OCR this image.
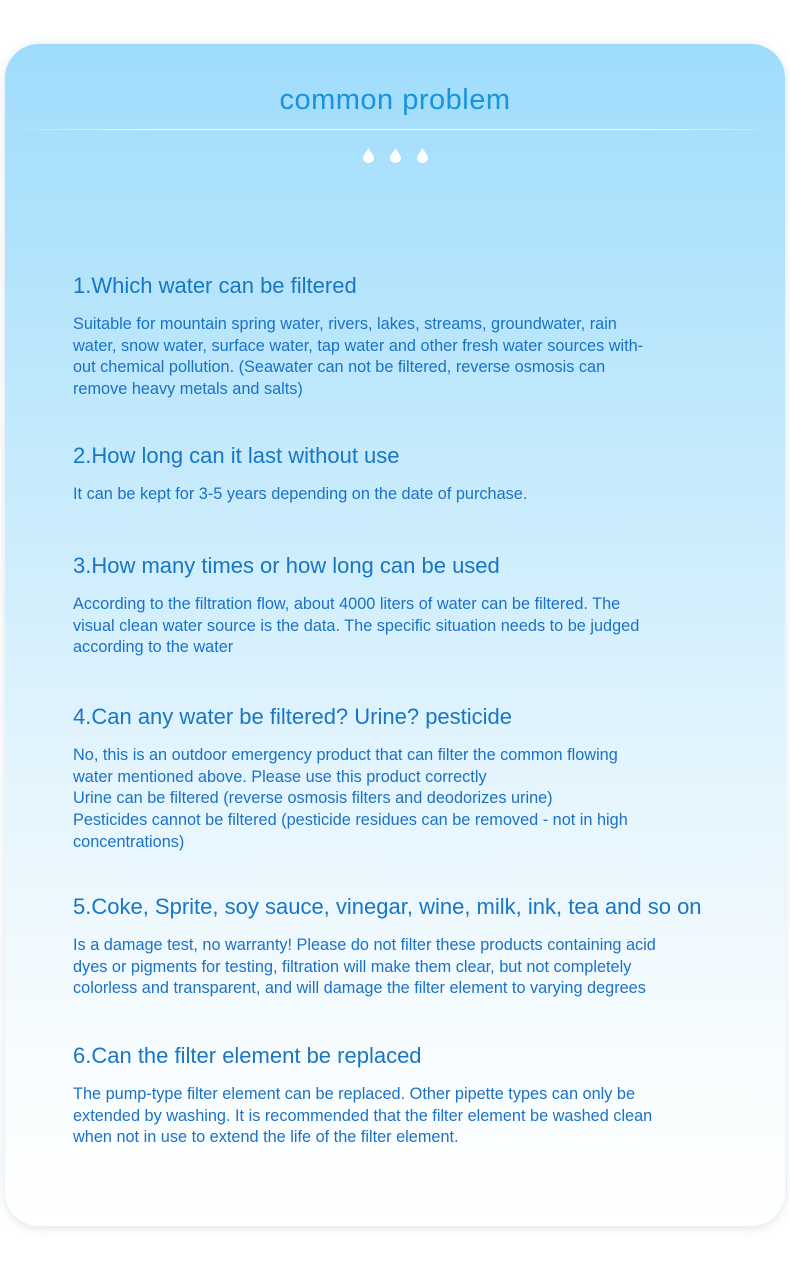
common problem
1.Which water can be filtered
Suitable for mountain spring water, rivers, lakes, streams, groundwater, rain
water, snow water, surface water, tap water and other fresh water sources with-
out chemical pollution. (Seawater can not be filtered, reverse osmosis can
remove heavy metals and salts)
2.How long can it last without use
It can be kept for 3-5 years depending on the date of purchase.
3.How many times or how long can be used
According to the filtration flow, about 4000 liters of water can be filtered. The
visual clean water source is the data. The specific situation needs to be judged
according to the water
4.Can any water be filtered? Urine? pesticide
No, this is an outdoor emergency product that can filter the common flowing
water mentioned above. Please use this product correctly
Urine can be filtered (reverse osmosis filters and deodorizes urine)
Pesticides cannot be filtered (pesticide residues can be removed - not in high
concentrations)
5.Coke, Sprite, soy sauce, vinegar, wine, milk, ink, tea and so on
Is a damage test, no warranty! Please do not filter these products containing acid
dyes or pigments for testing, filtration will make them clear, but not completely
colorless and transparent, and will damage the filter element to varying degrees
6.Can the filter element be replaced
The pump-type filter element can be replaced. Other pipette types can only be
extended by washing. It is recommended that the filter element be washed clean
when not in use to extend the life of the filter element.
